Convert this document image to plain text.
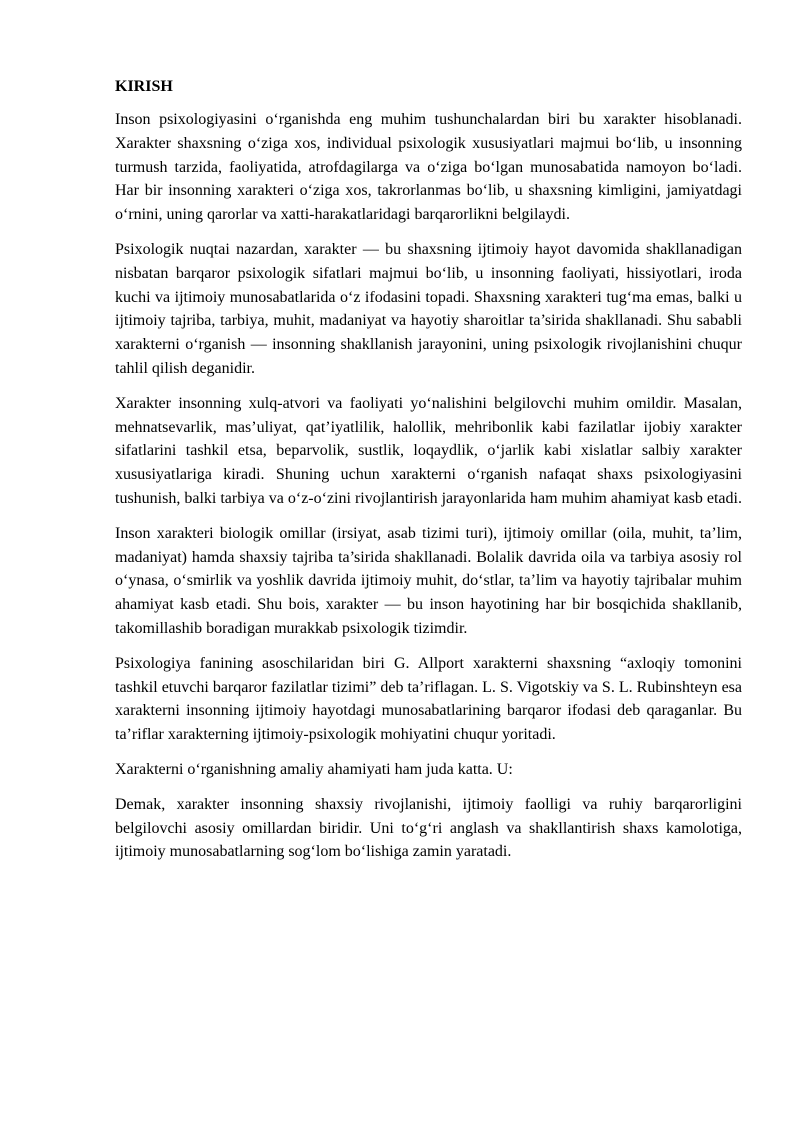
KIRISH

Inson psixologiyasini o‘rganishda eng muhim tushunchalardan biri bu xarakter hisoblanadi. Xarakter shaxsning o‘ziga xos, individual psixologik xususiyatlari majmui bo‘lib, u insonning turmush tarzida, faoliyatida, atrofdagilarga va o‘ziga bo‘lgan munosabatida namoyon bo‘ladi. Har bir insonning xarakteri o‘ziga xos, takrorlanmas bo‘lib, u shaxsning kimligini, jamiyatdagi o‘rnini, uning qarorlar va xatti-harakatlaridagi barqarorlikni belgilaydi.

Psixologik nuqtai nazardan, xarakter — bu shaxsning ijtimoiy hayot davomida shakllanadigan nisbatan barqaror psixologik sifatlari majmui bo‘lib, u insonning faoliyati, hissiyotlari, iroda kuchi va ijtimoiy munosabatlarida o‘z ifodasini topadi. Shaxsning xarakteri tug‘ma emas, balki u ijtimoiy tajriba, tarbiya, muhit, madaniyat va hayotiy sharoitlar ta’sirida shakllanadi. Shu sababli xarakterni o‘rganish — insonning shakllanish jarayonini, uning psixologik rivojlanishini chuqur tahlil qilish deganidir.

Xarakter insonning xulq-atvori va faoliyati yo‘nalishini belgilovchi muhim omildir. Masalan, mehnatsevarlik, mas’uliyat, qat’iyatlilik, halollik, mehribonlik kabi fazilatlar ijobiy xarakter sifatlarini tashkil etsa, beparvolik, sustlik, loqaydlik, o‘jarlik kabi xislatlar salbiy xarakter xususiyatlariga kiradi. Shuning uchun xarakterni o‘rganish nafaqat shaxs psixologiyasini tushunish, balki tarbiya va o‘z-o‘zini rivojlantirish jarayonlarida ham muhim ahamiyat kasb etadi.

Inson xarakteri biologik omillar (irsiyat, asab tizimi turi), ijtimoiy omillar (oila, muhit, ta’lim, madaniyat) hamda shaxsiy tajriba ta’sirida shakllanadi. Bolalik davrida oila va tarbiya asosiy rol o‘ynasa, o‘smirlik va yoshlik davrida ijtimoiy muhit, do‘stlar, ta’lim va hayotiy tajribalar muhim ahamiyat kasb etadi. Shu bois, xarakter — bu inson hayotining har bir bosqichida shakllanib, takomillashib boradigan murakkab psixologik tizimdir.

Psixologiya fanining asoschilaridan biri G. Allport xarakterni shaxsning “axloqiy tomonini tashkil etuvchi barqaror fazilatlar tizimi” deb ta’riflagan. L. S. Vigotskiy va S. L. Rubinshteyn esa xarakterni insonning ijtimoiy hayotdagi munosabatlarining barqaror ifodasi deb qaraganlar. Bu ta’riflar xarakterning ijtimoiy-psixologik mohiyatini chuqur yoritadi.

Xarakterni o‘rganishning amaliy ahamiyati ham juda katta. U:

Demak, xarakter insonning shaxsiy rivojlanishi, ijtimoiy faolligi va ruhiy barqarorligini belgilovchi asosiy omillardan biridir. Uni to‘g‘ri anglash va shakllantirish shaxs kamolotiga, ijtimoiy munosabatlarning sog‘lom bo‘lishiga zamin yaratadi.
